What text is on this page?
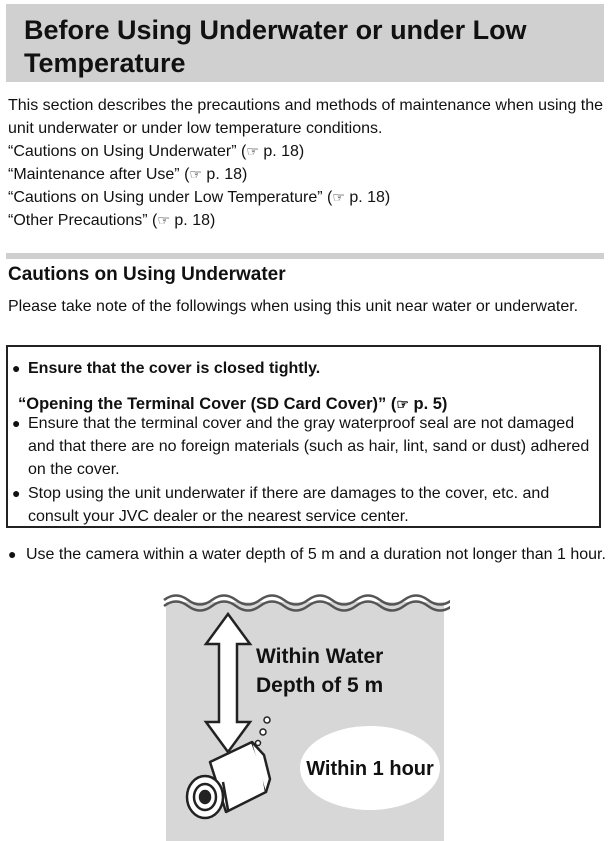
Before Using Underwater or under Low Temperature

This section describes the precautions and methods of maintenance when using the unit underwater or under low temperature conditions.

“Cautions on Using Underwater” (☞ p. 18)

“Maintenance after Use” (☞ p. 18)

“Cautions on Using under Low Temperature” (☞ p. 18)

“Other Precautions” (☞ p. 18)

Cautions on Using Underwater

Please take note of the followings when using this unit near water or underwater.

● Ensure that the cover is closed tightly.
“Opening the Terminal Cover (SD Card Cover)” (☞ p. 5)
● Ensure that the terminal cover and the gray waterproof seal are not damaged and that there are no foreign materials (such as hair, lint, sand or dust) adhered on the cover.
● Stop using the unit underwater if there are damages to the cover, etc. and consult your JVC dealer or the nearest service center.
● Use the camera within a water depth of 5 m and a duration not longer than 1 hour.
Within Water
Depth of 5 m
Within 1 hour
